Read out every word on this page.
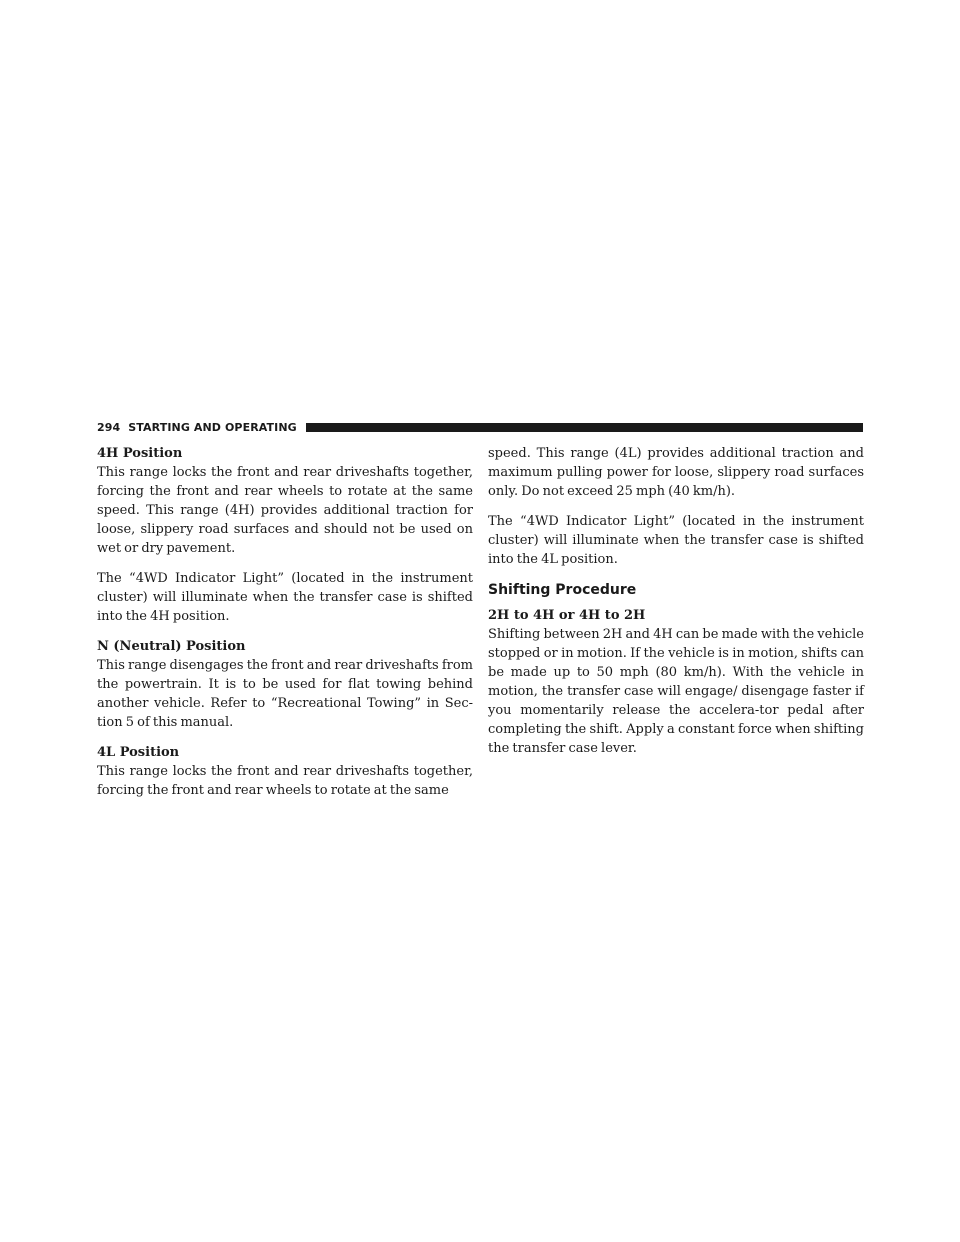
294 STARTING AND OPERATING
4H Position

This range locks the front and rear driveshafts together, forcing the front and rear wheels to rotate at the same speed. This range (4H) provides additional traction for loose, slippery road surfaces and should not be used on wet or dry pavement.

The “4WD Indicator Light” (located in the instrument cluster) will illuminate when the transfer case is shifted into the 4H position.

N (Neutral) Position

This range disengages the front and rear driveshafts from the powertrain. It is to be used for flat towing behind another vehicle. Refer to “Recreational Towing” in Sec-tion 5 of this manual.

4L Position

This range locks the front and rear driveshafts together, forcing the front and rear wheels to rotate at the same

speed. This range (4L) provides additional traction and maximum pulling power for loose, slippery road surfaces only. Do not exceed 25 mph (40 km/h).

The “4WD Indicator Light” (located in the instrument cluster) will illuminate when the transfer case is shifted into the 4L position.

Shifting Procedure
2H to 4H or 4H to 2H

Shifting between 2H and 4H can be made with the vehicle stopped or in motion. If the vehicle is in motion, shifts can be made up to 50 mph (80 km/h). With the vehicle in motion, the transfer case will engage/ disengage faster if you momentarily release the accelera-tor pedal after completing the shift. Apply a constant force when shifting the transfer case lever.
